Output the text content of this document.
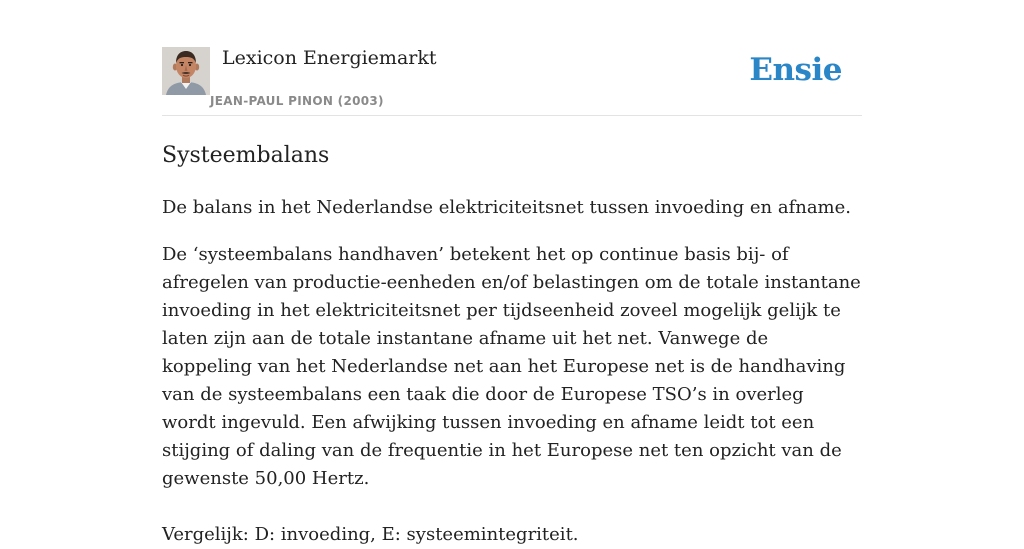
Lexicon Energiemarkt
JEAN-PAUL PINON (2003)
Ensie
Systeembalans

De balans in het Nederlandse elektriciteitsnet tussen invoeding en afname.

De ‘systeembalans handhaven’ betekent het op continue basis bij- of afregelen van productie-eenheden en/of belastingen om de totale instantane invoeding in het elektriciteitsnet per tijdseenheid zoveel mogelijk gelijk te laten zijn aan de totale instantane afname uit het net. Vanwege de koppeling van het Nederlandse net aan het Europese net is de handhaving van de systeembalans een taak die door de Europese TSO’s in overleg wordt ingevuld. Een afwijking tussen invoeding en afname leidt tot een stijging of daling van de frequentie in het Europese net ten opzicht van de gewenste 50,00 Hertz.

Vergelijk: D: invoeding, E: systeemintegriteit.
